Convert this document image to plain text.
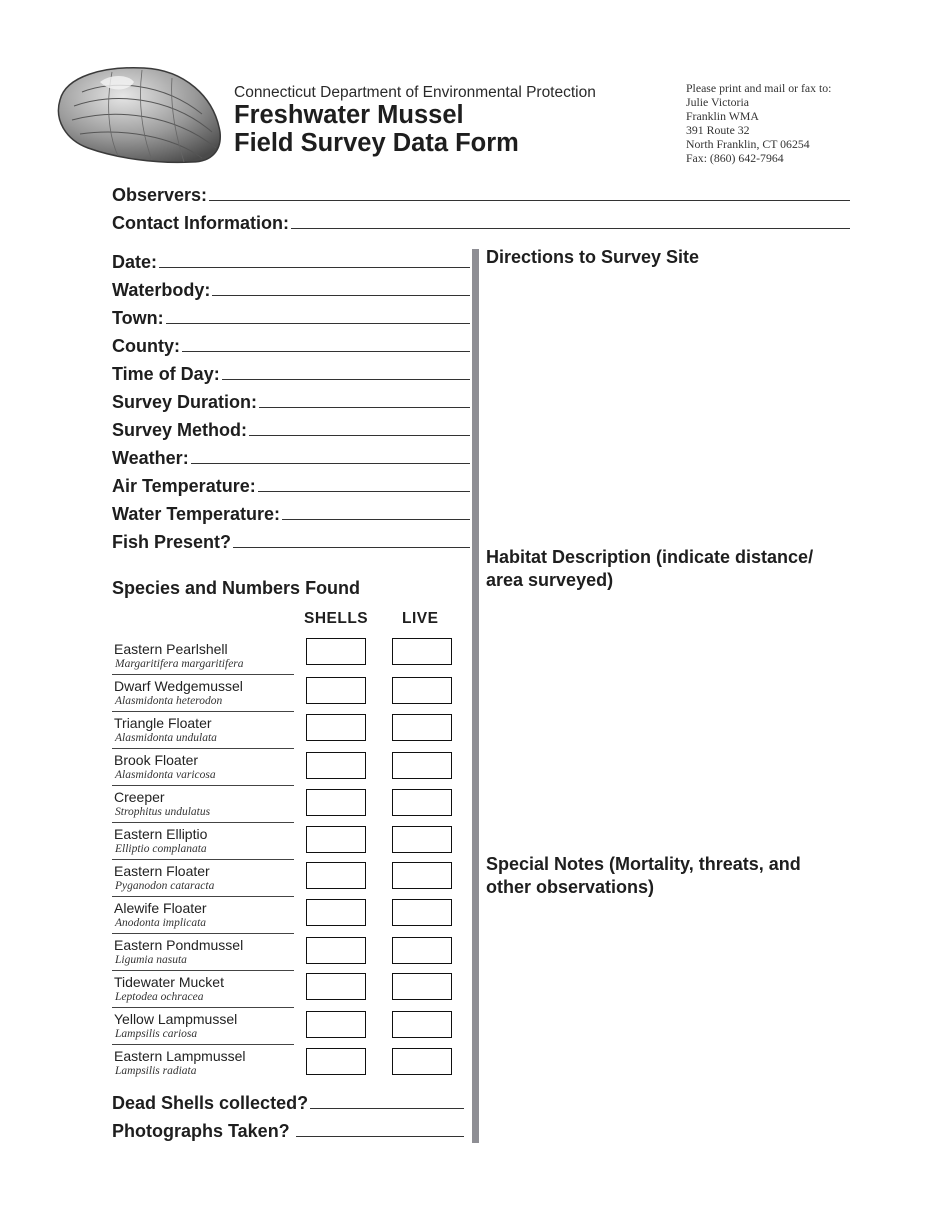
Connecticut Department of Environmental Protection
Freshwater Mussel
Field Survey Data Form
Please print and mail or fax to:
Julie Victoria
Franklin WMA
391 Route 32
North Franklin, CT 06254
Fax: (860) 642-7964
Observers:
Contact Information:
Date:
Waterbody:
Town:
County:
Time of Day:
Survey Duration:
Survey Method:
Weather:
Air Temperature:
Water Temperature:
Fish Present?
Directions to Survey Site
Habitat Description (indicate distance/ area surveyed)
Special Notes (Mortality, threats, and other observations)
Species and Numbers Found
SHELLS LIVE
Eastern Pearlshell
Margaritifera margaritifera
Dwarf Wedgemussel
Alasmidonta heterodon
Triangle Floater
Alasmidonta undulata
Brook Floater
Alasmidonta varicosa
Creeper
Strophitus undulatus
Eastern Elliptio
Elliptio complanata
Eastern Floater
Pyganodon cataracta
Alewife Floater
Anodonta implicata
Eastern Pondmussel
Ligumia nasuta
Tidewater Mucket
Leptodea ochracea
Yellow Lampmussel
Lampsilis cariosa
Eastern Lampmussel
Lampsilis radiata
Dead Shells collected?
Photographs Taken?
